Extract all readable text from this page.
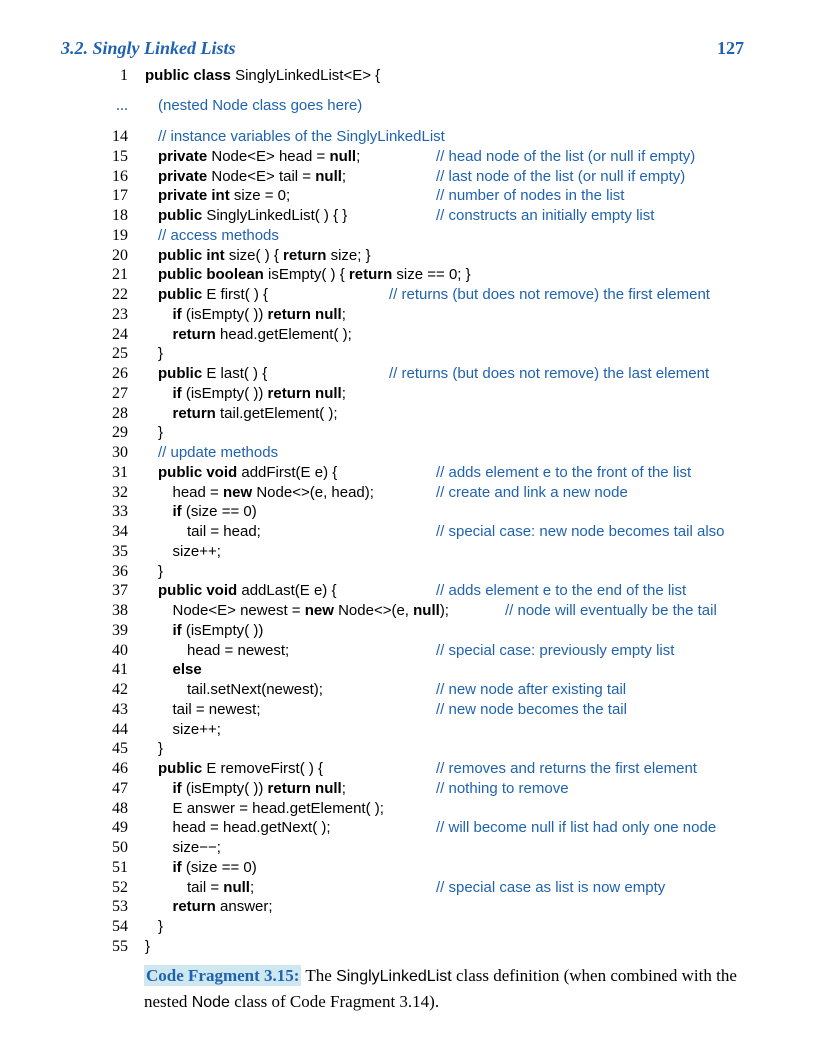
3.2. Singly Linked Lists	127
1 public class SinglyLinkedList<E> {
... (nested Node class goes here)
14 // instance variables of the SinglyLinkedList
15 private Node<E> head = null;	// head node of the list (or null if empty)
16 private Node<E> tail = null;	// last node of the list (or null if empty)
17 private int size = 0;	// number of nodes in the list
18 public SinglyLinkedList( ) { }	// constructs an initially empty list
19 // access methods
20 public int size( ) { return size; }
21 public boolean isEmpty( ) { return size == 0; }
22 public E first( ) {	// returns (but does not remove) the first element
23	if (isEmpty( )) return null;
24	return head.getElement( );
25 }
26 public E last( ) {	// returns (but does not remove) the last element
27	if (isEmpty( )) return null;
28	return tail.getElement( );
29 }
30 // update methods
31 public void addFirst(E e) {	// adds element e to the front of the list
32	head = new Node<>(e, head);	// create and link a new node
33	if (size == 0)
34	tail = head;	// special case: new node becomes tail also
35	size++;
36 }
37 public void addLast(E e) {	// adds element e to the end of the list
38	Node<E> newest = new Node<>(e, null);	// node will eventually be the tail
39	if (isEmpty( ))
40	head = newest;	// special case: previously empty list
41	else
42	tail.setNext(newest);	// new node after existing tail
43	tail = newest;	// new node becomes the tail
44	size++;
45 }
46 public E removeFirst( ) {	// removes and returns the first element
47	if (isEmpty( )) return null;	// nothing to remove
48	E answer = head.getElement( );
49	head = head.getNext( );	// will become null if list had only one node
50	size−−;
51	if (size == 0)
52	tail = null;	// special case as list is now empty
53	return answer;
54 }
55 }
Code Fragment 3.15: The SinglyLinkedList class definition (when combined with the nested Node class of Code Fragment 3.14).
